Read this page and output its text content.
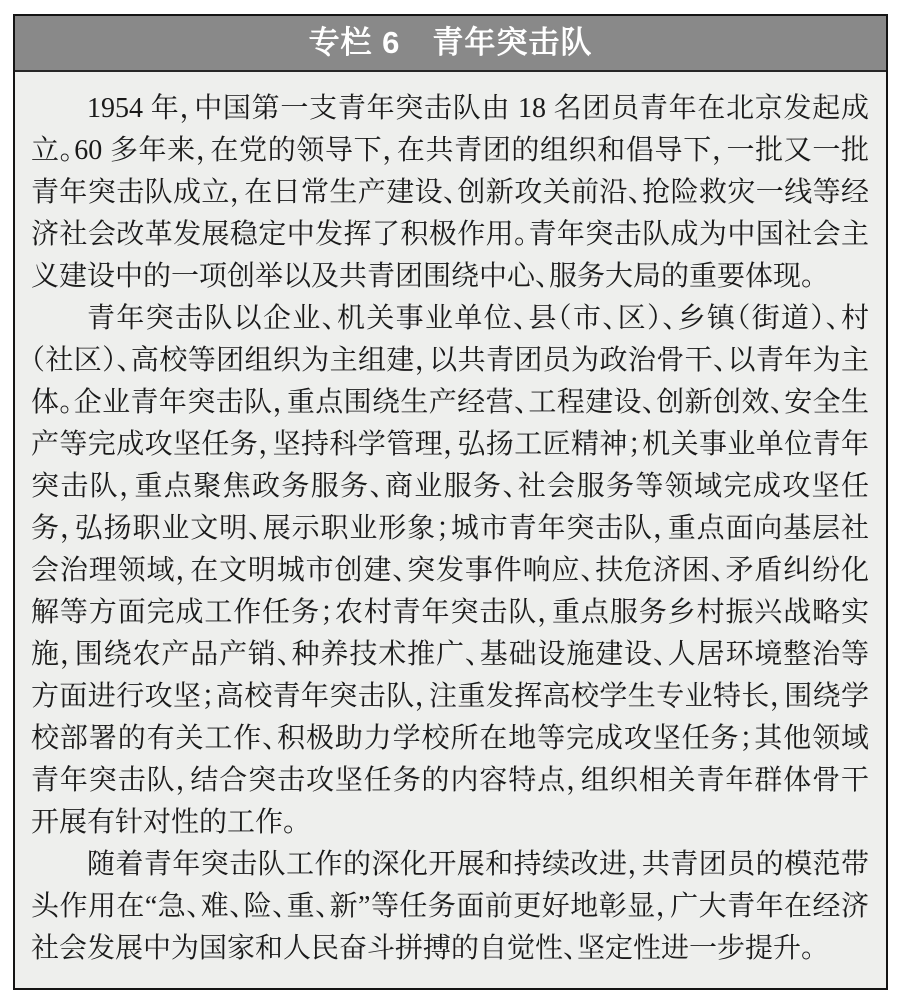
专栏 6　青年突击队

1954 年，中国第一支青年突击队由 18 名团员青年在北京发起成立。60 多年来，在党的领导下，在共青团的组织和倡导下，一批又一批青年突击队成立，在日常生产建设、创新攻关前沿、抢险救灾一线等经济社会改革发展稳定中发挥了积极作用。青年突击队成为中国社会主义建设中的一项创举以及共青团围绕中心、服务大局的重要体现。

青年突击队以企业、机关事业单位、县（市、区）、乡镇（街道）、村（社区）、高校等团组织为主组建，以共青团员为政治骨干、以青年为主体。企业青年突击队，重点围绕生产经营、工程建设、创新创效、安全生产等完成攻坚任务，坚持科学管理，弘扬工匠精神；机关事业单位青年突击队，重点聚焦政务服务、商业服务、社会服务等领域完成攻坚任务，弘扬职业文明、展示职业形象；城市青年突击队，重点面向基层社会治理领域，在文明城市创建、突发事件响应、扶危济困、矛盾纠纷化解等方面完成工作任务；农村青年突击队，重点服务乡村振兴战略实施，围绕农产品产销、种养技术推广、基础设施建设、人居环境整治等方面进行攻坚；高校青年突击队，注重发挥高校学生专业特长，围绕学校部署的有关工作、积极助力学校所在地等完成攻坚任务；其他领域青年突击队，结合突击攻坚任务的内容特点，组织相关青年群体骨干开展有针对性的工作。

随着青年突击队工作的深化开展和持续改进，共青团员的模范带头作用在“急、难、险、重、新”等任务面前更好地彰显，广大青年在经济社会发展中为国家和人民奋斗拼搏的自觉性、坚定性进一步提升。
